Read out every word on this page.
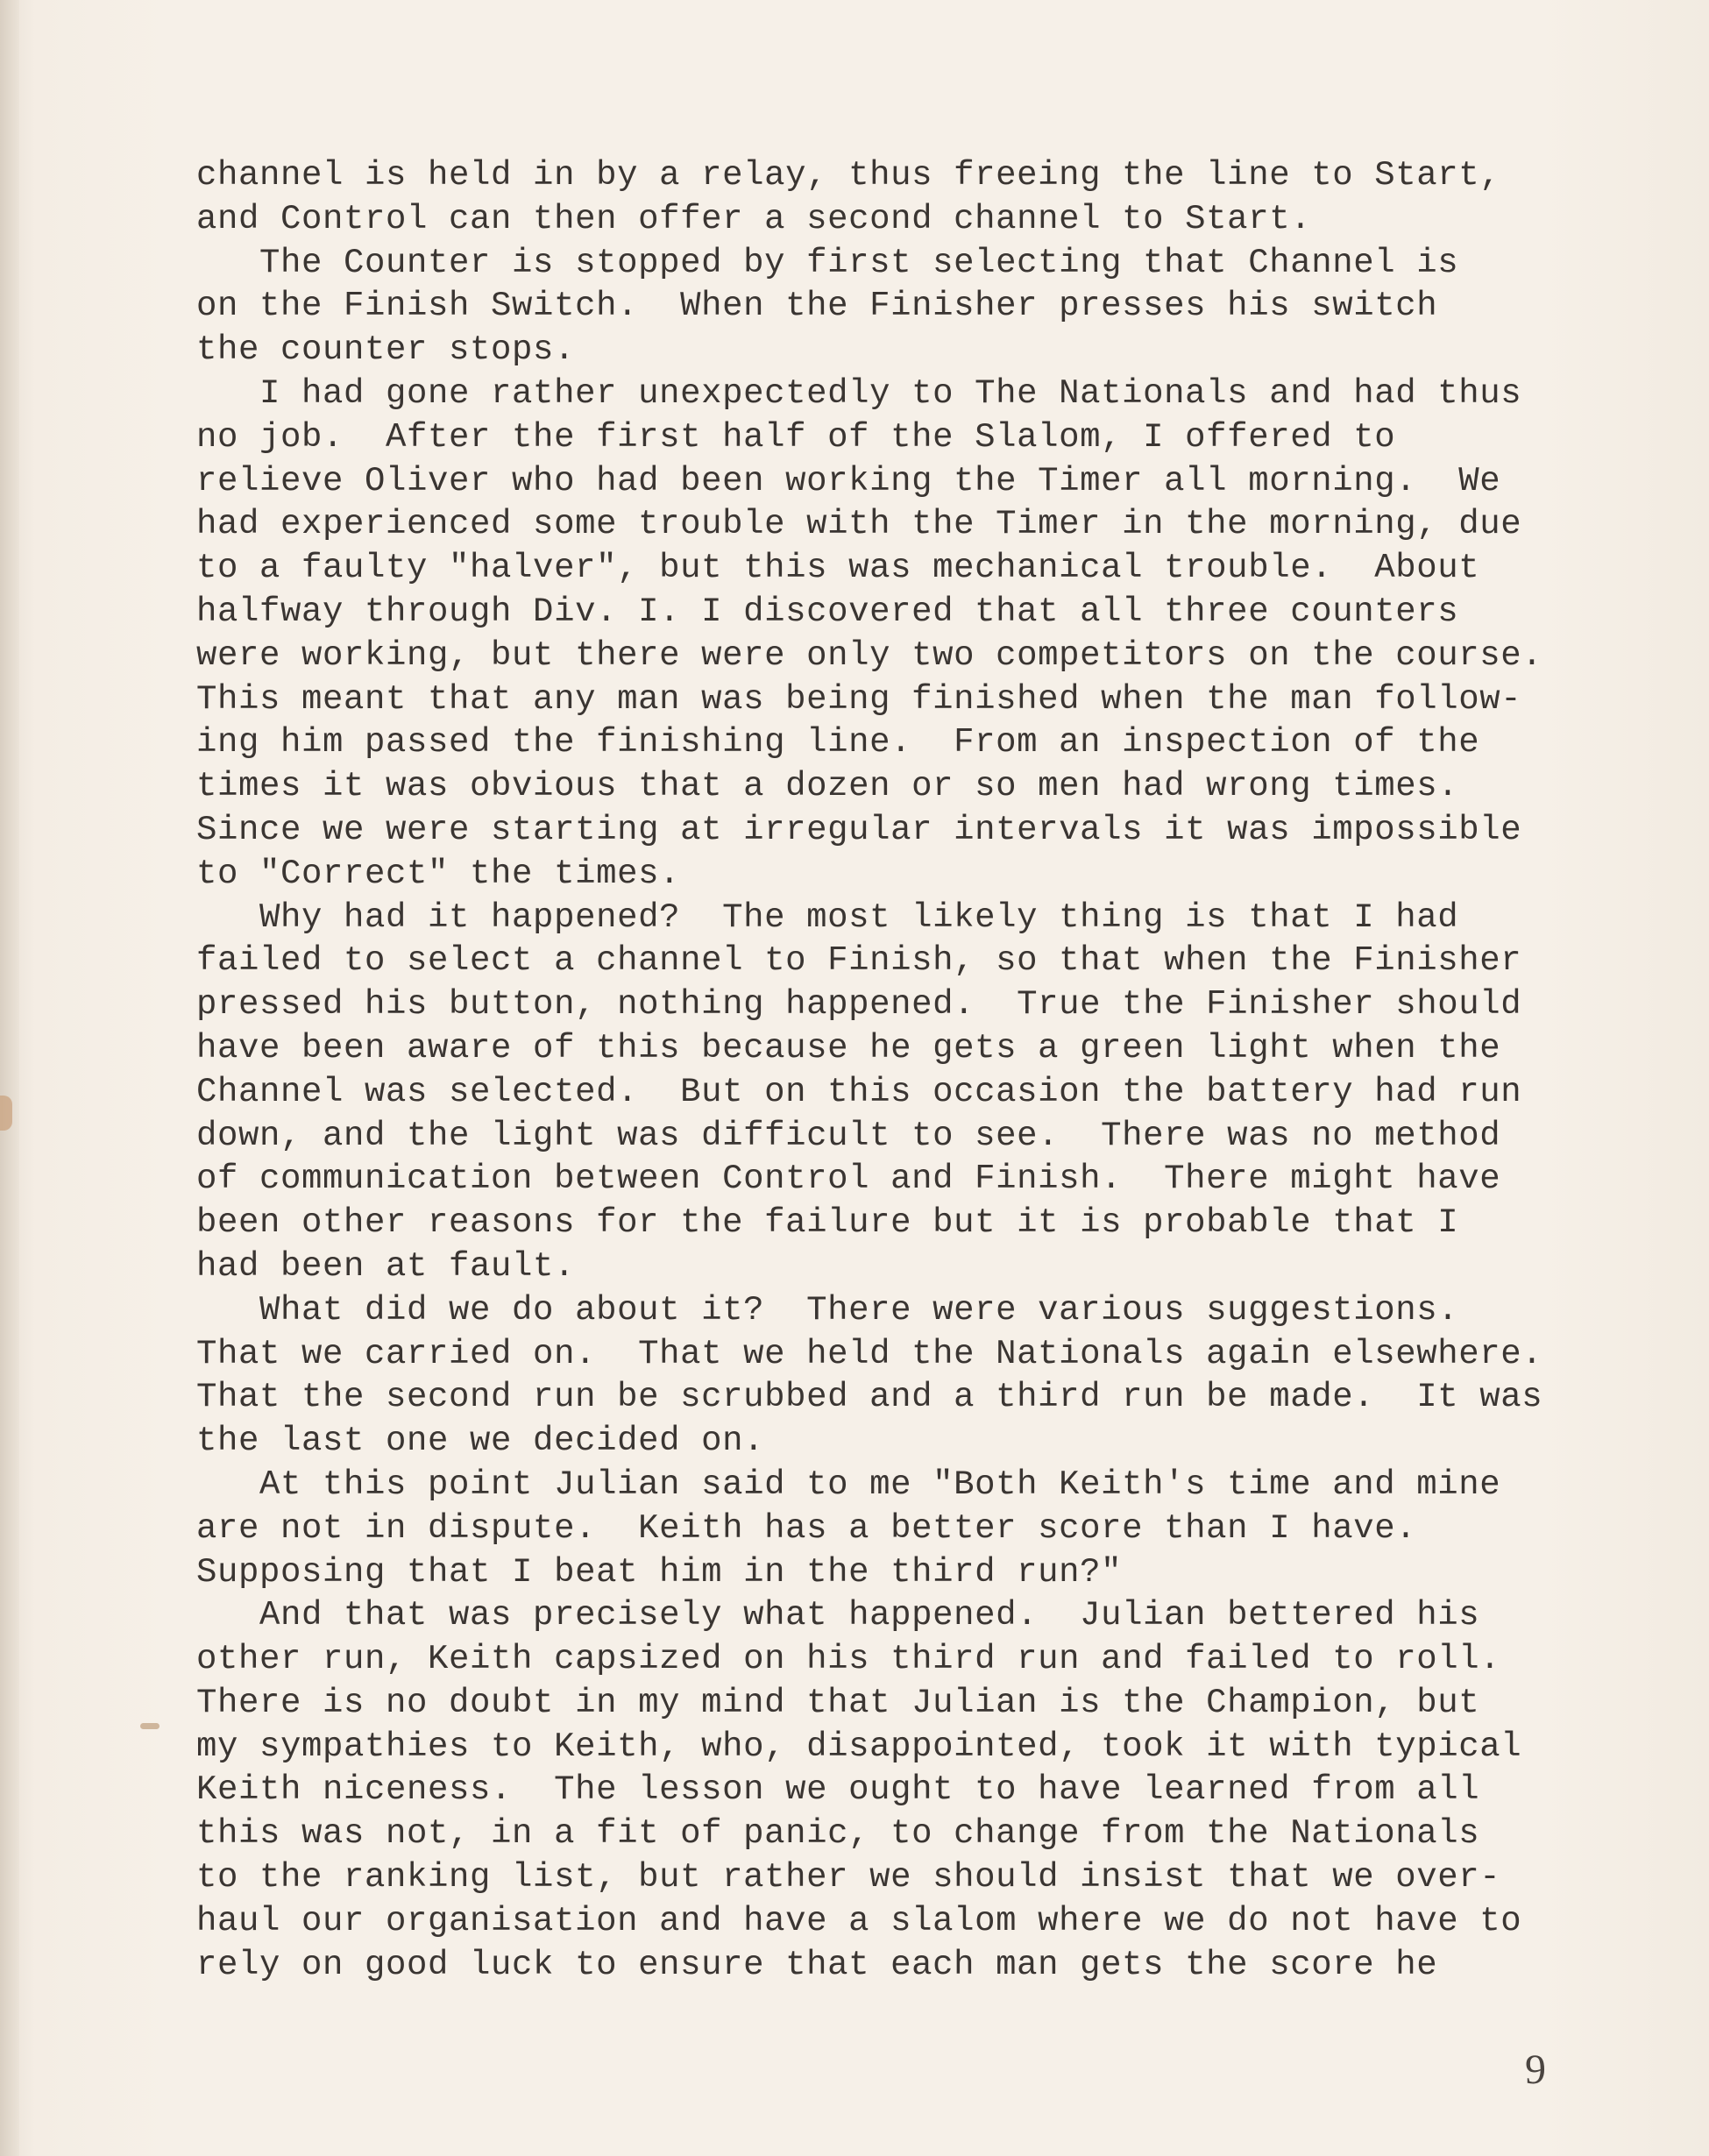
channel is held in by a relay, thus freeing the line to Start,
and Control can then offer a second channel to Start.
The Counter is stopped by first selecting that Channel is
on the Finish Switch.  When the Finisher presses his switch
the counter stops.
I had gone rather unexpectedly to The Nationals and had thus
no job.  After the first half of the Slalom, I offered to
relieve Oliver who had been working the Timer all morning.  We
had experienced some trouble with the Timer in the morning, due
to a faulty "halver", but this was mechanical trouble.  About
halfway through Div. I. I discovered that all three counters
were working, but there were only two competitors on the course.
This meant that any man was being finished when the man follow-
ing him passed the finishing line.  From an inspection of the
times it was obvious that a dozen or so men had wrong times.
Since we were starting at irregular intervals it was impossible
to "Correct" the times.
Why had it happened?  The most likely thing is that I had
failed to select a channel to Finish, so that when the Finisher
pressed his button, nothing happened.  True the Finisher should
have been aware of this because he gets a green light when the
Channel was selected.  But on this occasion the battery had run
down, and the light was difficult to see.  There was no method
of communication between Control and Finish.  There might have
been other reasons for the failure but it is probable that I
had been at fault.
What did we do about it?  There were various suggestions.
That we carried on.  That we held the Nationals again elsewhere.
That the second run be scrubbed and a third run be made.  It was
the last one we decided on.
At this point Julian said to me "Both Keith's time and mine
are not in dispute.  Keith has a better score than I have.
Supposing that I beat him in the third run?"
And that was precisely what happened.  Julian bettered his
other run, Keith capsized on his third run and failed to roll.
There is no doubt in my mind that Julian is the Champion, but
my sympathies to Keith, who, disappointed, took it with typical
Keith niceness.  The lesson we ought to have learned from all
this was not, in a fit of panic, to change from the Nationals
to the ranking list, but rather we should insist that we over-
haul our organisation and have a slalom where we do not have to
rely on good luck to ensure that each man gets the score he
9
